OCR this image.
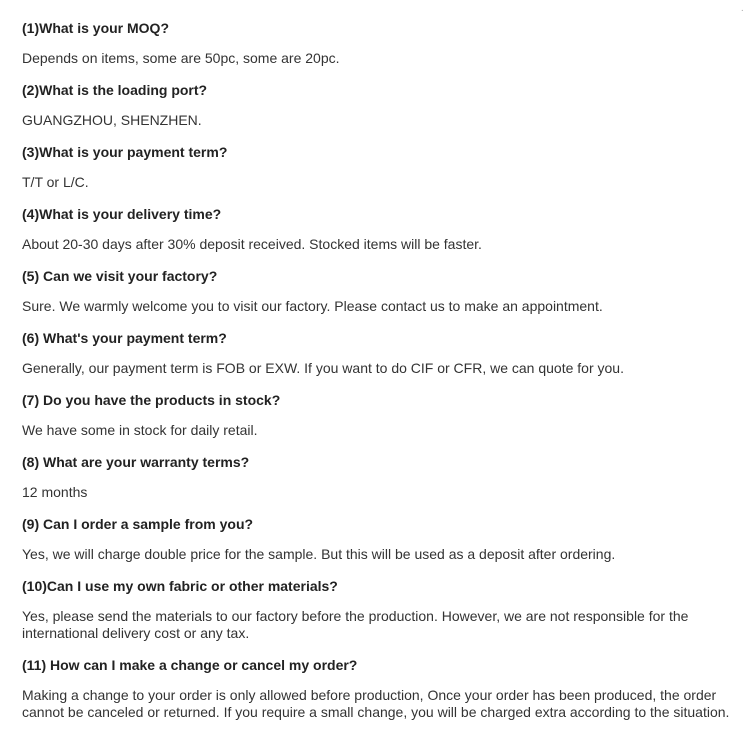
·
(1)What is your MOQ?
Depends on items, some are 50pc, some are 20pc.
(2)What is the loading port?
GUANGZHOU, SHENZHEN.
(3)What is your payment term?
T/T or L/C.
(4)What is your delivery time?
About 20-30 days after 30% deposit received. Stocked items will be faster.
(5) Can we visit your factory?
Sure. We warmly welcome you to visit our factory. Please contact us to make an appointment.
(6) What's your payment term?
Generally, our payment term is FOB or EXW. If you want to do CIF or CFR, we can quote for you.
(7) Do you have the products in stock?
We have some in stock for daily retail.
(8) What are your warranty terms?
12 months
(9) Can I order a sample from you?
Yes, we will charge double price for the sample. But this will be used as a deposit after ordering.
(10)Can I use my own fabric or other materials?
Yes, please send the materials to our factory before the production. However, we are not responsible for the international delivery cost or any tax.
(11) How can I make a change or cancel my order?
Making a change to your order is only allowed before production, Once your order has been produced, the order cannot be canceled or returned. If you require a small change, you will be charged extra according to the situation.
